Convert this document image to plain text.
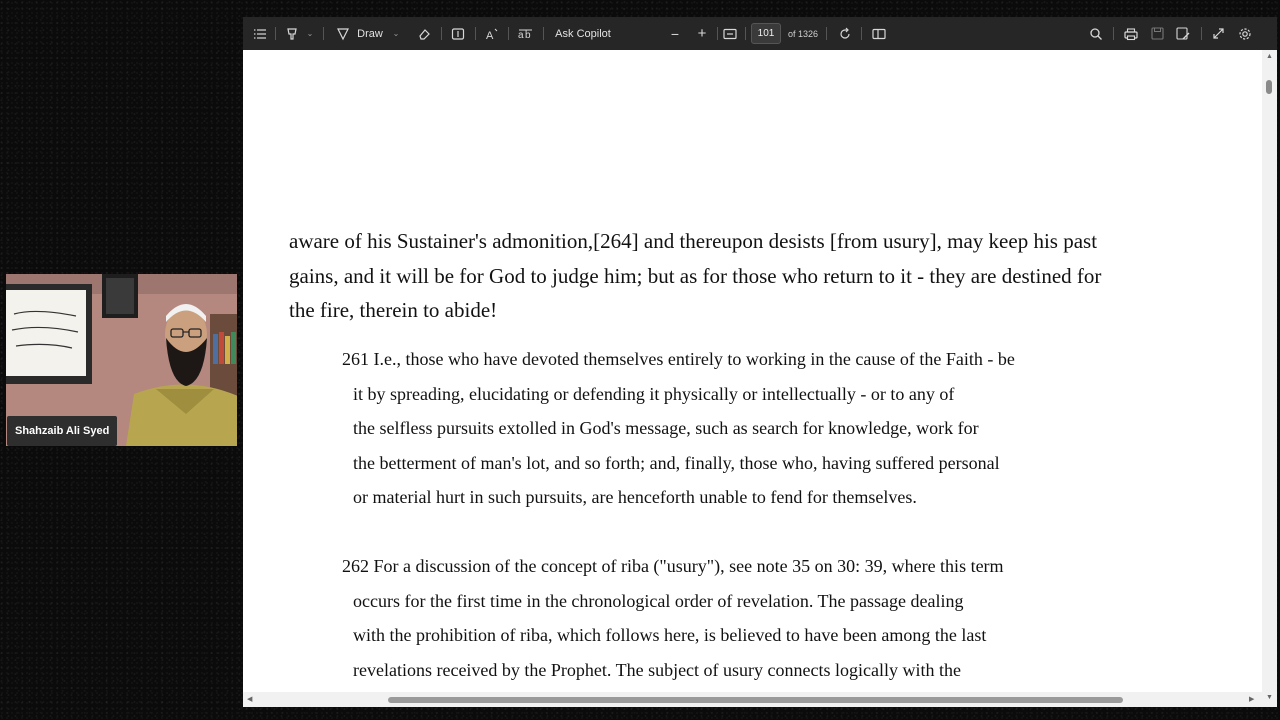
⌄	Draw ⌄	A a b Ask Copilot	− +	101	of 1326
aware of his Sustainer's admonition,[264] and thereupon desists [from usury], may keep his past
gains, and it will be for God to judge him; but as for those who return to it - they are destined for
the fire, therein to abide!
261 I.e., those who have devoted themselves entirely to working in the cause of the Faith - be
it by spreading, elucidating or defending it physically or intellectually - or to any of
the selfless pursuits extolled in God's message, such as search for knowledge, work for
the betterment of man's lot, and so forth; and, finally, those who, having suffered personal
or material hurt in such pursuits, are henceforth unable to fend for themselves.
262 For a discussion of the concept of riba ("usury"), see note 35 on 30: 39, where this term
occurs for the first time in the chronological order of revelation. The passage dealing
with the prohibition of riba, which follows here, is believed to have been among the last
revelations received by the Prophet. The subject of usury connects logically with the
▲
▼
◀	▶
Shahzaib Ali Syed
